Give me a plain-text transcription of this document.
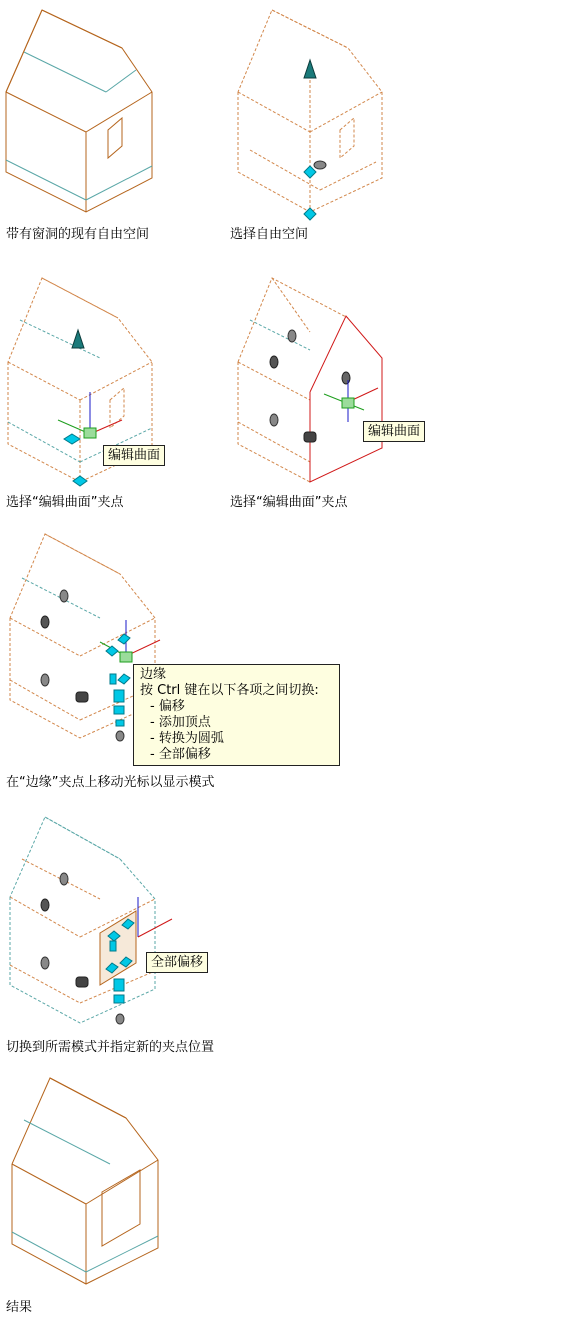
带有窗洞的现有自由空间	选择自由空间
编辑曲面
选择“编辑曲面”夹点
编辑曲面
选择“编辑曲面”夹点
边缘
按 Ctrl 键在以下各项之间切换:
- 偏移
- 添加顶点
- 转换为圆弧
- 全部偏移
在“边缘”夹点上移动光标以显示模式
全部偏移
切换到所需模式并指定新的夹点位置
结果
